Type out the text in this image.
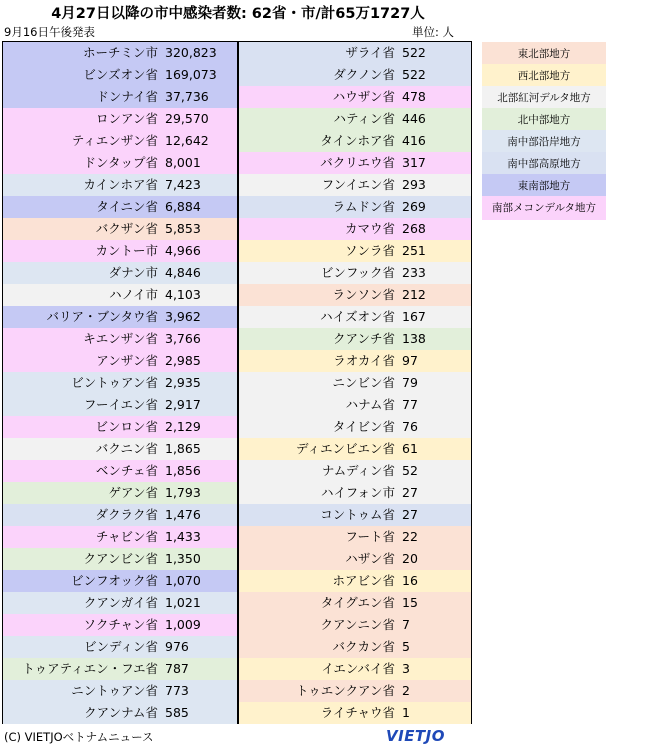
4月27日以降の市中感染者数: 62省・市/計65万1727人
9月16日午後発表	単位: 人
ホーチミン市 320,823
ビンズオン省 169,073
ドンナイ省 37,736
ロンアン省 29,570
ティエンザン省 12,642
ドンタップ省 8,001
カインホア省 7,423
タイニン省 6,884
バクザン省 5,853
カントー市 4,966
ダナン市 4,846
ハノイ市 4,103
バリア・ブンタウ省 3,962
キエンザン省 3,766
アンザン省 2,985
ビントゥアン省 2,935
フーイエン省 2,917
ビンロン省 2,129
バクニン省 1,865
ベンチェ省 1,856
ゲアン省 1,793
ダクラク省 1,476
チャビン省 1,433
クアンビン省 1,350
ビンフオック省 1,070
クアンガイ省 1,021
ソクチャン省 1,009
ビンディン省 976
トゥアティエン・フエ省 787
ニントゥアン省 773
クアンナム省 585
ザライ省 522
ダクノン省 522
ハウザン省 478
ハティン省 446
タインホア省 416
バクリエウ省 317
フンイエン省 293
ラムドン省 269
カマウ省 268
ソンラ省 251
ビンフック省 233
ランソン省 212
ハイズオン省 167
クアンチ省 138
ラオカイ省 97
ニンビン省 79
ハナム省 77
タイビン省 76
ディエンビエン省 61
ナムディン省 52
ハイフォン市 27
コントゥム省 27
フート省 22
ハザン省 20
ホアビン省 16
タイグエン省 15
クアンニン省 7
バクカン省 5
イエンバイ省 3
トゥエンクアン省 2
ライチャウ省 1
東北部地方
西北部地方
北部紅河デルタ地方
北中部地方
南中部沿岸地方
南中部高原地方
東南部地方
南部メコンデルタ地方
(C) VIETJOベトナムニュース	VIETJO
